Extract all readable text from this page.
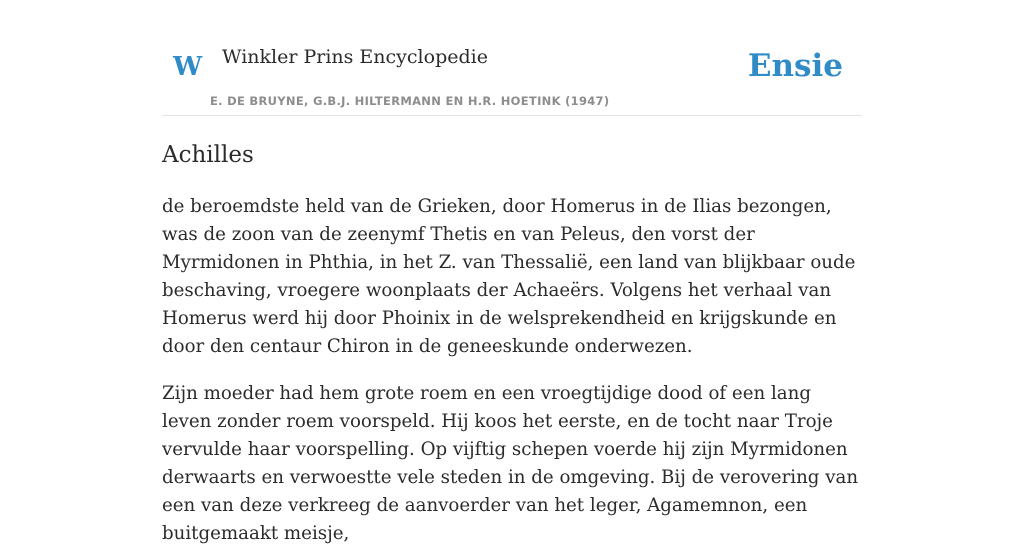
W Winkler Prins Encyclopedie
E. DE BRUYNE, G.B.J. HILTERMANN EN H.R. HOETINK (1947)
Ensie
Achilles

de beroemdste held van de Grieken, door Homerus in de Ilias bezongen, was de zoon van de zeenymf Thetis en van Peleus, den vorst der Myrmidonen in Phthia, in het Z. van Thessalië, een land van blijkbaar oude beschaving, vroegere woonplaats der Achaeërs. Volgens het verhaal van Homerus werd hij door Phoinix in de welsprekendheid en krijgskunde en door den centaur Chiron in de geneeskunde onderwezen.

Zijn moeder had hem grote roem en een vroegtijdige dood of een lang leven zonder roem voorspeld. Hij koos het eerste, en de tocht naar Troje vervulde haar voorspelling. Op vijftig schepen voerde hij zijn Myrmidonen derwaarts en verwoestte vele steden in de omgeving. Bij de verovering van een van deze verkreeg de aanvoerder van het leger, Agamemnon, een buitgemaakt meisje,
